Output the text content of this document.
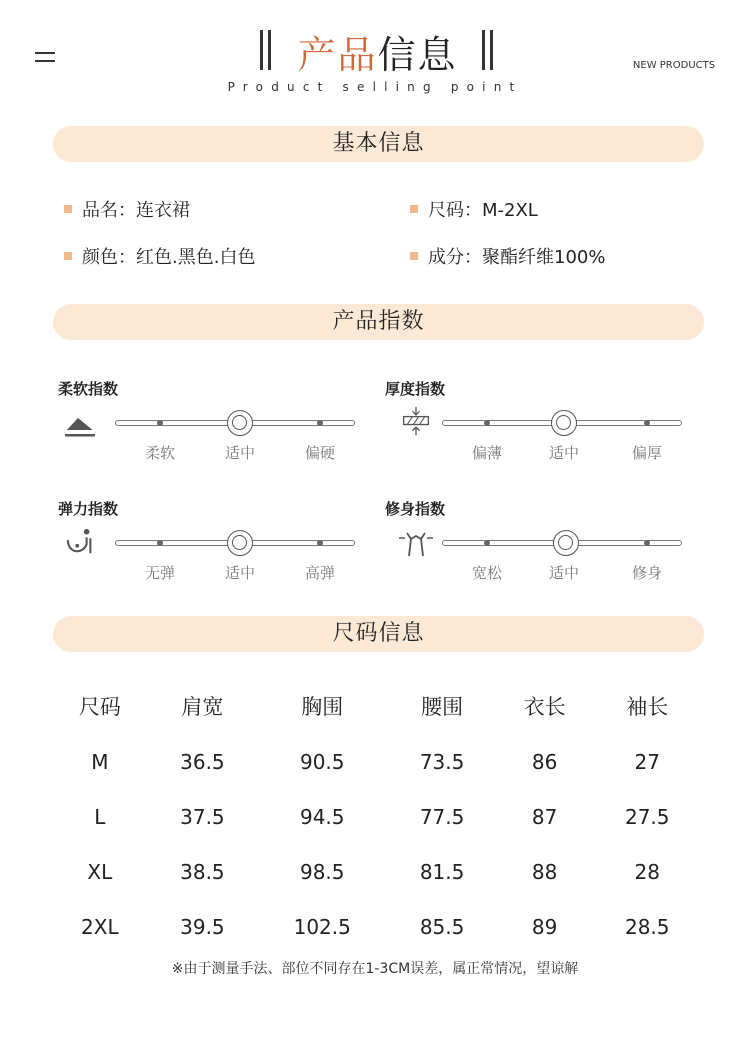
产品信息
Product selling point
NEW PRODUCTS
基本信息
品名：连衣裙	尺码：M-2XL
颜色：红色.黑色.白色	成分：聚酯纤维100%
产品指数
柔软指数
柔软	适中	偏硬
厚度指数
偏薄	适中	偏厚
弹力指数
无弹	适中	高弹
修身指数
宽松	适中	修身
尺码信息
尺码	肩宽	胸围	腰围	衣长	袖长
M	36.5	90.5	73.5	86	27
L	37.5	94.5	77.5	87	27.5
XL	38.5	98.5	81.5	88	28
2XL	39.5	102.5	85.5	89	28.5
※由于测量手法、部位不同存在1-3CM误差，属正常情况，望谅解
